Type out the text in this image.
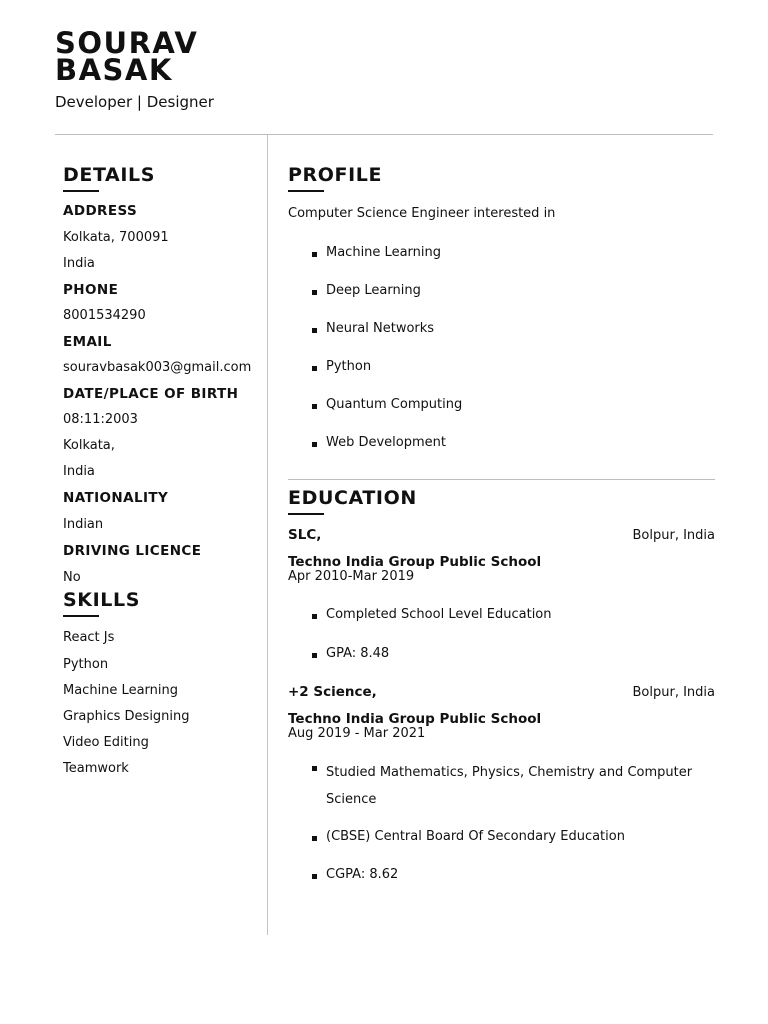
SOURAV
BASAK
Developer | Designer
DETAILS
ADDRESS
Kolkata, 700091
India
PHONE
8001534290
EMAIL
souravbasak003@gmail.com
DATE/PLACE OF BIRTH
08:11:2003
Kolkata,
India
NATIONALITY
Indian
DRIVING LICENCE
No
SKILLS
React Js
Python
Machine Learning
Graphics Designing
Video Editing
Teamwork
PROFILE
Computer Science Engineer interested in
Machine Learning
Deep Learning
Neural Networks
Python
Quantum Computing
Web Development
EDUCATION
SLC,	Bolpur, India
Techno India Group Public School
Apr 2010-Mar 2019
Completed School Level Education
GPA: 8.48
+2 Science,	Bolpur, India
Techno India Group Public School
Aug 2019 - Mar 2021
Studied Mathematics, Physics, Chemistry and Computer Science
(CBSE) Central Board Of Secondary Education
CGPA: 8.62
